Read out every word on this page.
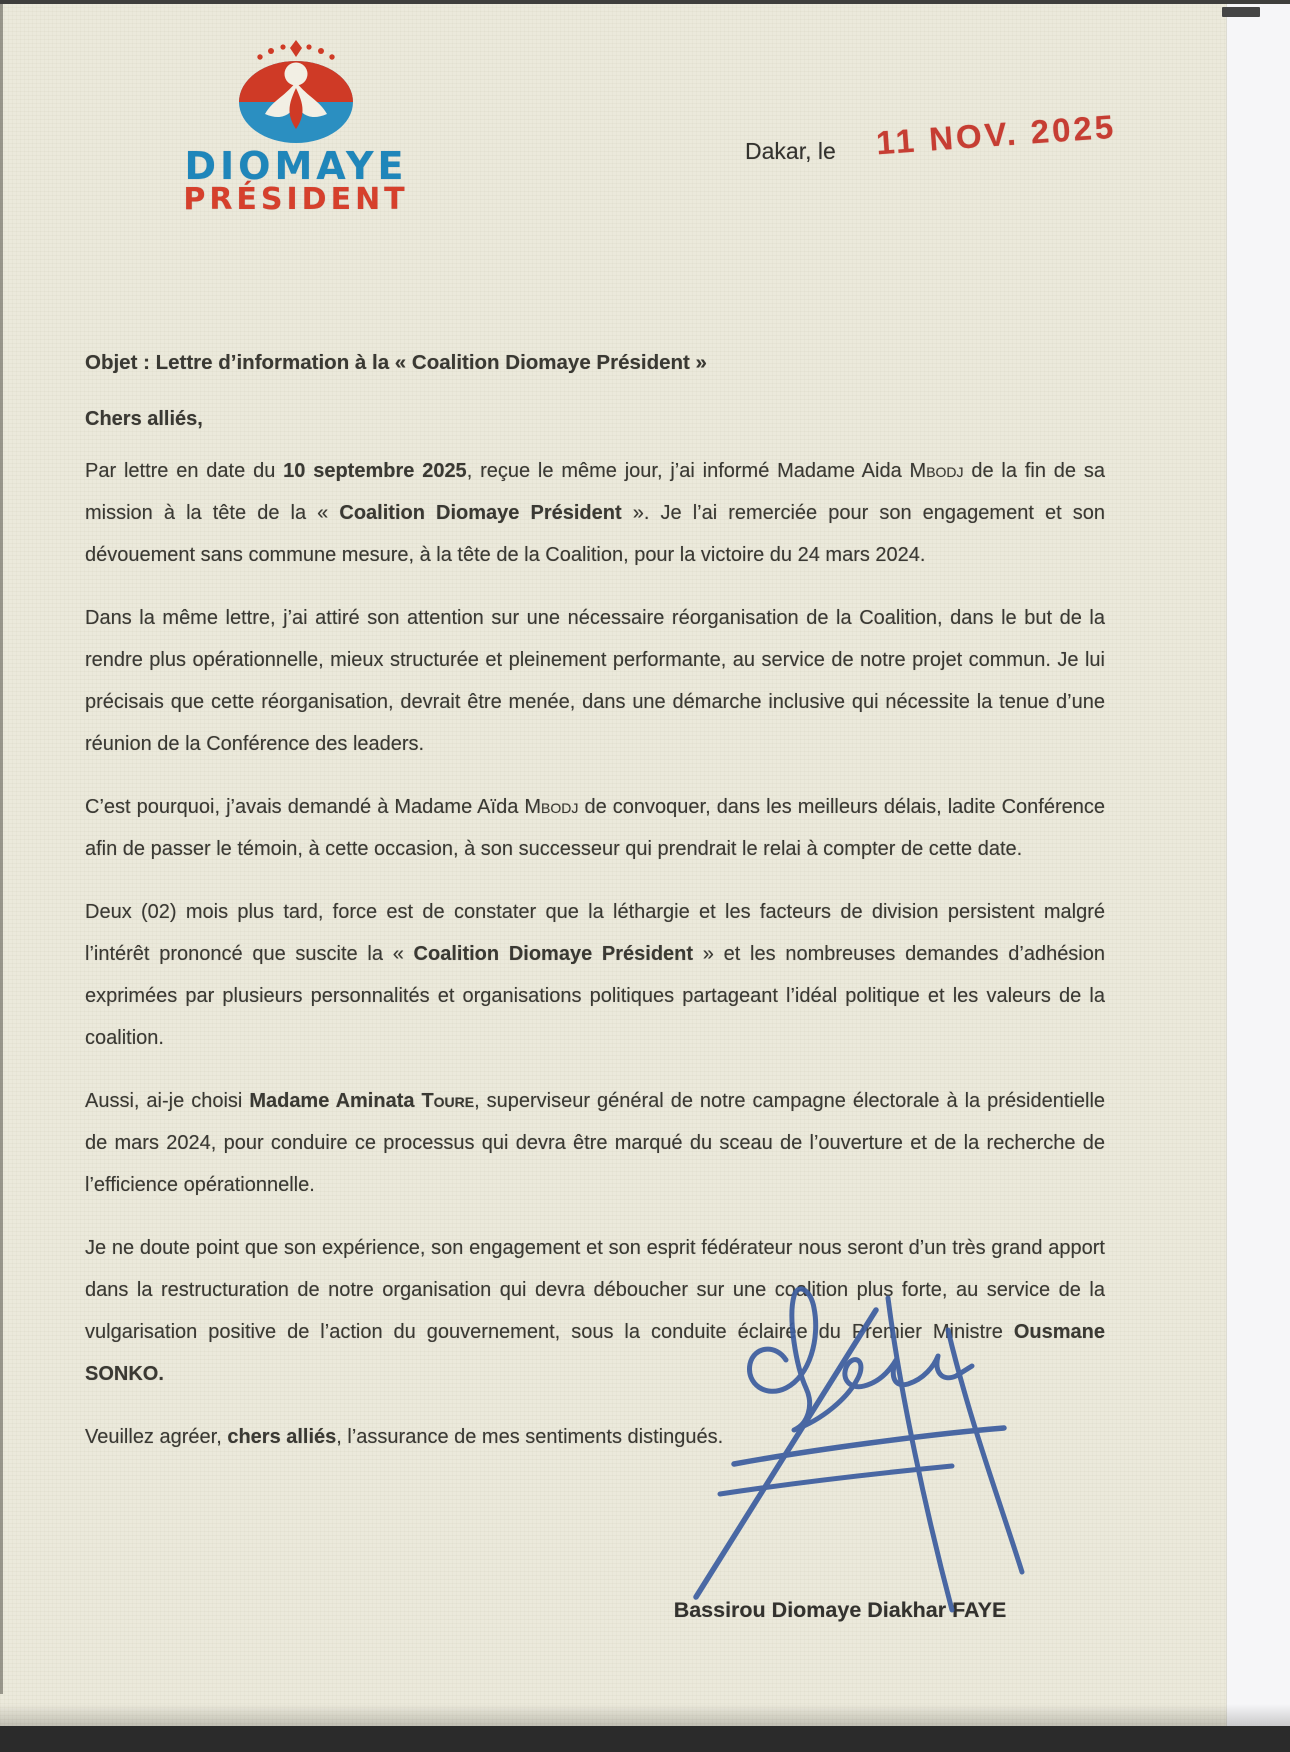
DIOMAYE
PRÉSIDENT
Dakar, le 11 NOV. 2025
Objet : Lettre d’information à la « Coalition Diomaye Président »
Chers alliés,

Par lettre en date du 10 septembre 2025, reçue le même jour, j’ai informé Madame Aida Mbodj de la fin de sa mission à la tête de la « Coalition Diomaye Président ». Je l’ai remerciée pour son engagement et son dévouement sans commune mesure, à la tête de la Coalition, pour la victoire du 24 mars 2024.

Dans la même lettre, j’ai attiré son attention sur une nécessaire réorganisation de la Coalition, dans le but de la rendre plus opérationnelle, mieux structurée et pleinement performante, au service de notre projet commun. Je lui précisais que cette réorganisation, devrait être menée, dans une démarche inclusive qui nécessite la tenue d’une réunion de la Conférence des leaders.

C’est pourquoi, j’avais demandé à Madame Aïda Mbodj de convoquer, dans les meilleurs délais, ladite Conférence afin de passer le témoin, à cette occasion, à son successeur qui prendrait le relai à compter de cette date.

Deux (02) mois plus tard, force est de constater que la léthargie et les facteurs de division persistent malgré l’intérêt prononcé que suscite la « Coalition Diomaye Président » et les nombreuses demandes d’adhésion exprimées par plusieurs personnalités et organisations politiques partageant l’idéal politique et les valeurs de la coalition.

Aussi, ai-je choisi Madame Aminata Toure, superviseur général de notre campagne électorale à la présidentielle de mars 2024, pour conduire ce processus qui devra être marqué du sceau de l’ouverture et de la recherche de l’efficience opérationnelle.

Je ne doute point que son expérience, son engagement et son esprit fédérateur nous seront d’un très grand apport dans la restructuration de notre organisation qui devra déboucher sur une coalition plus forte, au service de la vulgarisation positive de l’action du gouvernement, sous la conduite éclairée du Premier Ministre Ousmane SONKO.

Veuillez agréer, chers alliés, l’assurance de mes sentiments distingués.

Bassirou Diomaye Diakhar FAYE
